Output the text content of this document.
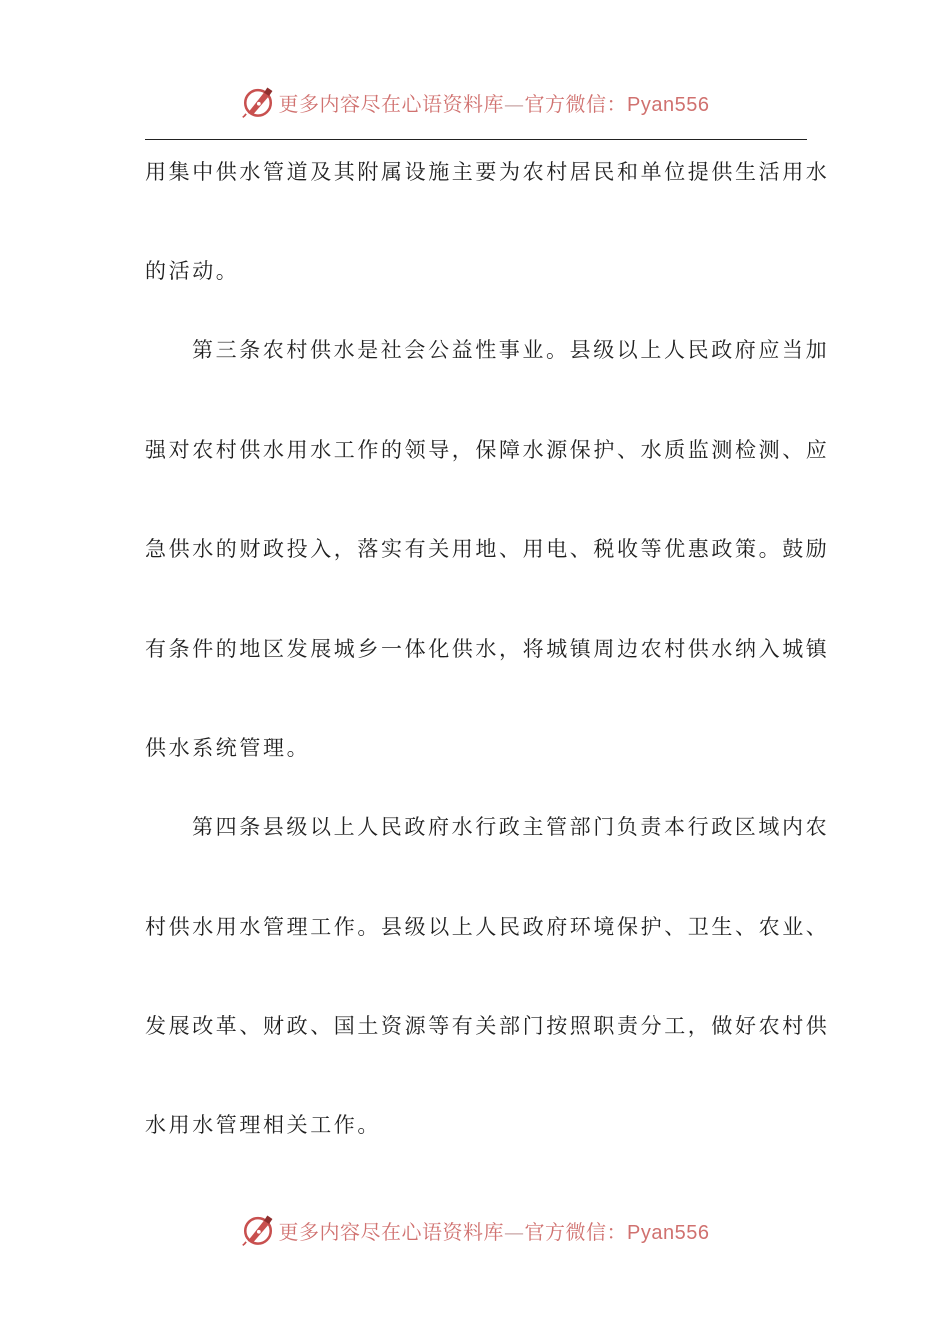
更多内容尽在心语资料库—官方微信：Pyan556
用集中供水管道及其附属设施主要为农村居民和单位提供生活用水
的活动。
第三条农村供水是社会公益性事业。县级以上人民政府应当加
强对农村供水用水工作的领导，保障水源保护、水质监测检测、应
急供水的财政投入，落实有关用地、用电、税收等优惠政策。鼓励
有条件的地区发展城乡一体化供水，将城镇周边农村供水纳入城镇
供水系统管理。
第四条县级以上人民政府水行政主管部门负责本行政区域内农
村供水用水管理工作。县级以上人民政府环境保护、卫生、农业、
发展改革、财政、国土资源等有关部门按照职责分工，做好农村供
水用水管理相关工作。
更多内容尽在心语资料库—官方微信：Pyan556
